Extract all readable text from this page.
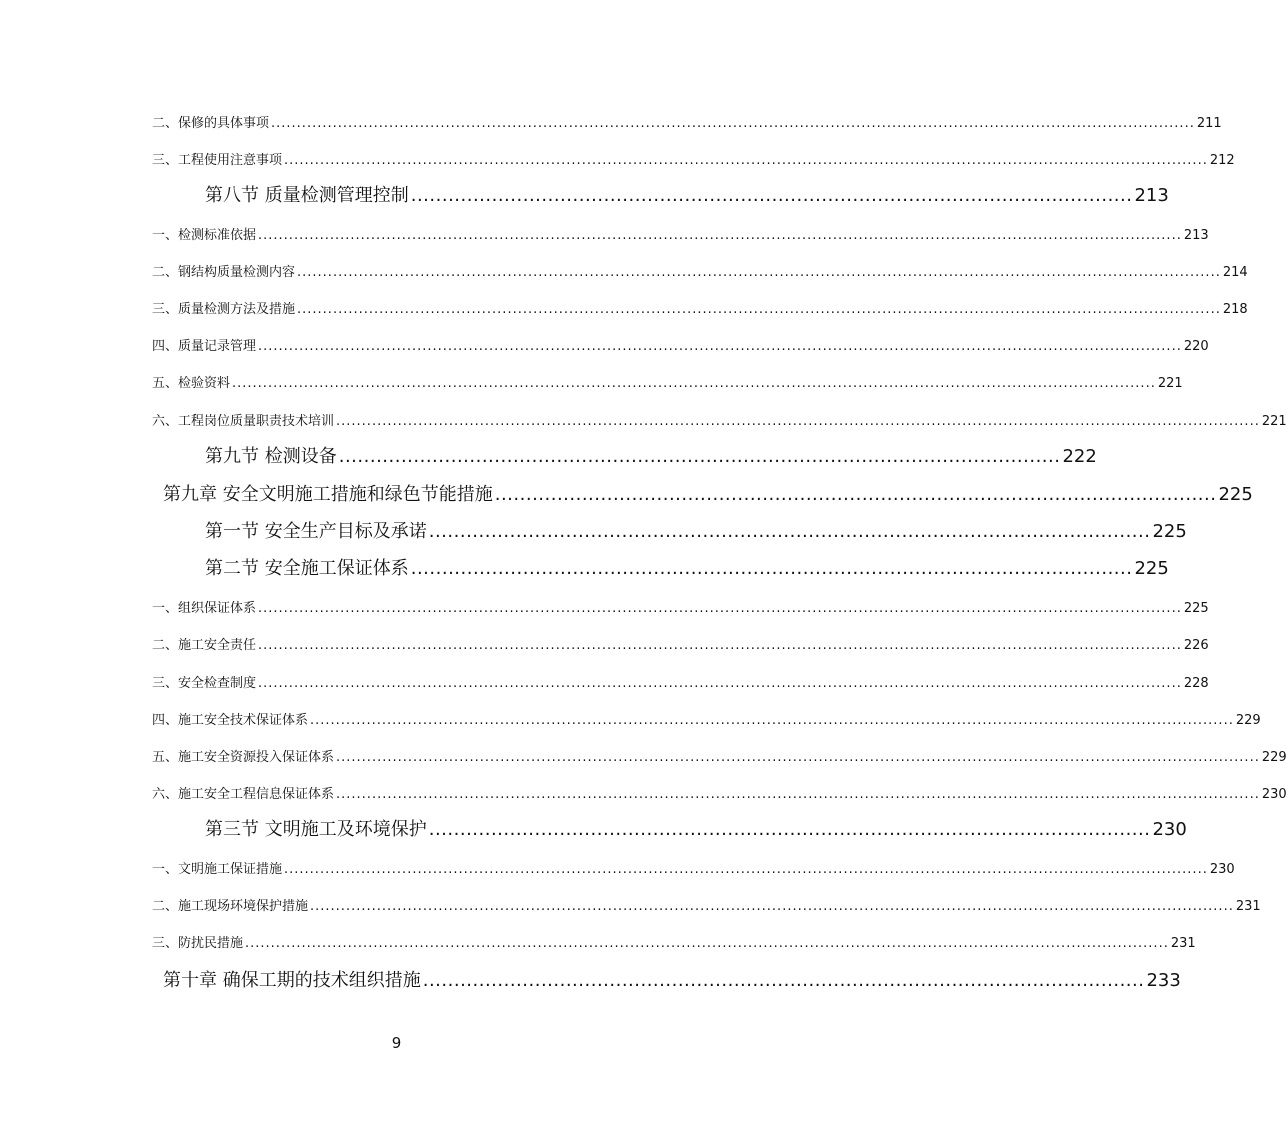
二、保修的具体事项 .................................................................................................................................................................................... 211
三、工程使用注意事项 .................................................................................................................................................................................... 212
第八节 质量检测管理控制 .................................................................................................................... 213
一、检测标准依据 .................................................................................................................................................................................... 213
二、钢结构质量检测内容 .................................................................................................................................................................................... 214
三、质量检测方法及措施 .................................................................................................................................................................................... 218
四、质量记录管理 .................................................................................................................................................................................... 220
五、检验资料 .................................................................................................................................................................................... 221
六、工程岗位质量职责技术培训 .................................................................................................................................................................................... 221
第九节 检测设备 .................................................................................................................... 222
第九章 安全文明施工措施和绿色节能措施 .................................................................................................................... 225
第一节 安全生产目标及承诺 .................................................................................................................... 225
第二节 安全施工保证体系 .................................................................................................................... 225
一、组织保证体系 .................................................................................................................................................................................... 225
二、施工安全责任 .................................................................................................................................................................................... 226
三、安全检查制度 .................................................................................................................................................................................... 228
四、施工安全技术保证体系 .................................................................................................................................................................................... 229
五、施工安全资源投入保证体系 .................................................................................................................................................................................... 229
六、施工安全工程信息保证体系 .................................................................................................................................................................................... 230
第三节 文明施工及环境保护 .................................................................................................................... 230
一、文明施工保证措施 .................................................................................................................................................................................... 230
二、施工现场环境保护措施 .................................................................................................................................................................................... 231
三、防扰民措施 .................................................................................................................................................................................... 231
第十章 确保工期的技术组织措施 .................................................................................................................... 233
9
